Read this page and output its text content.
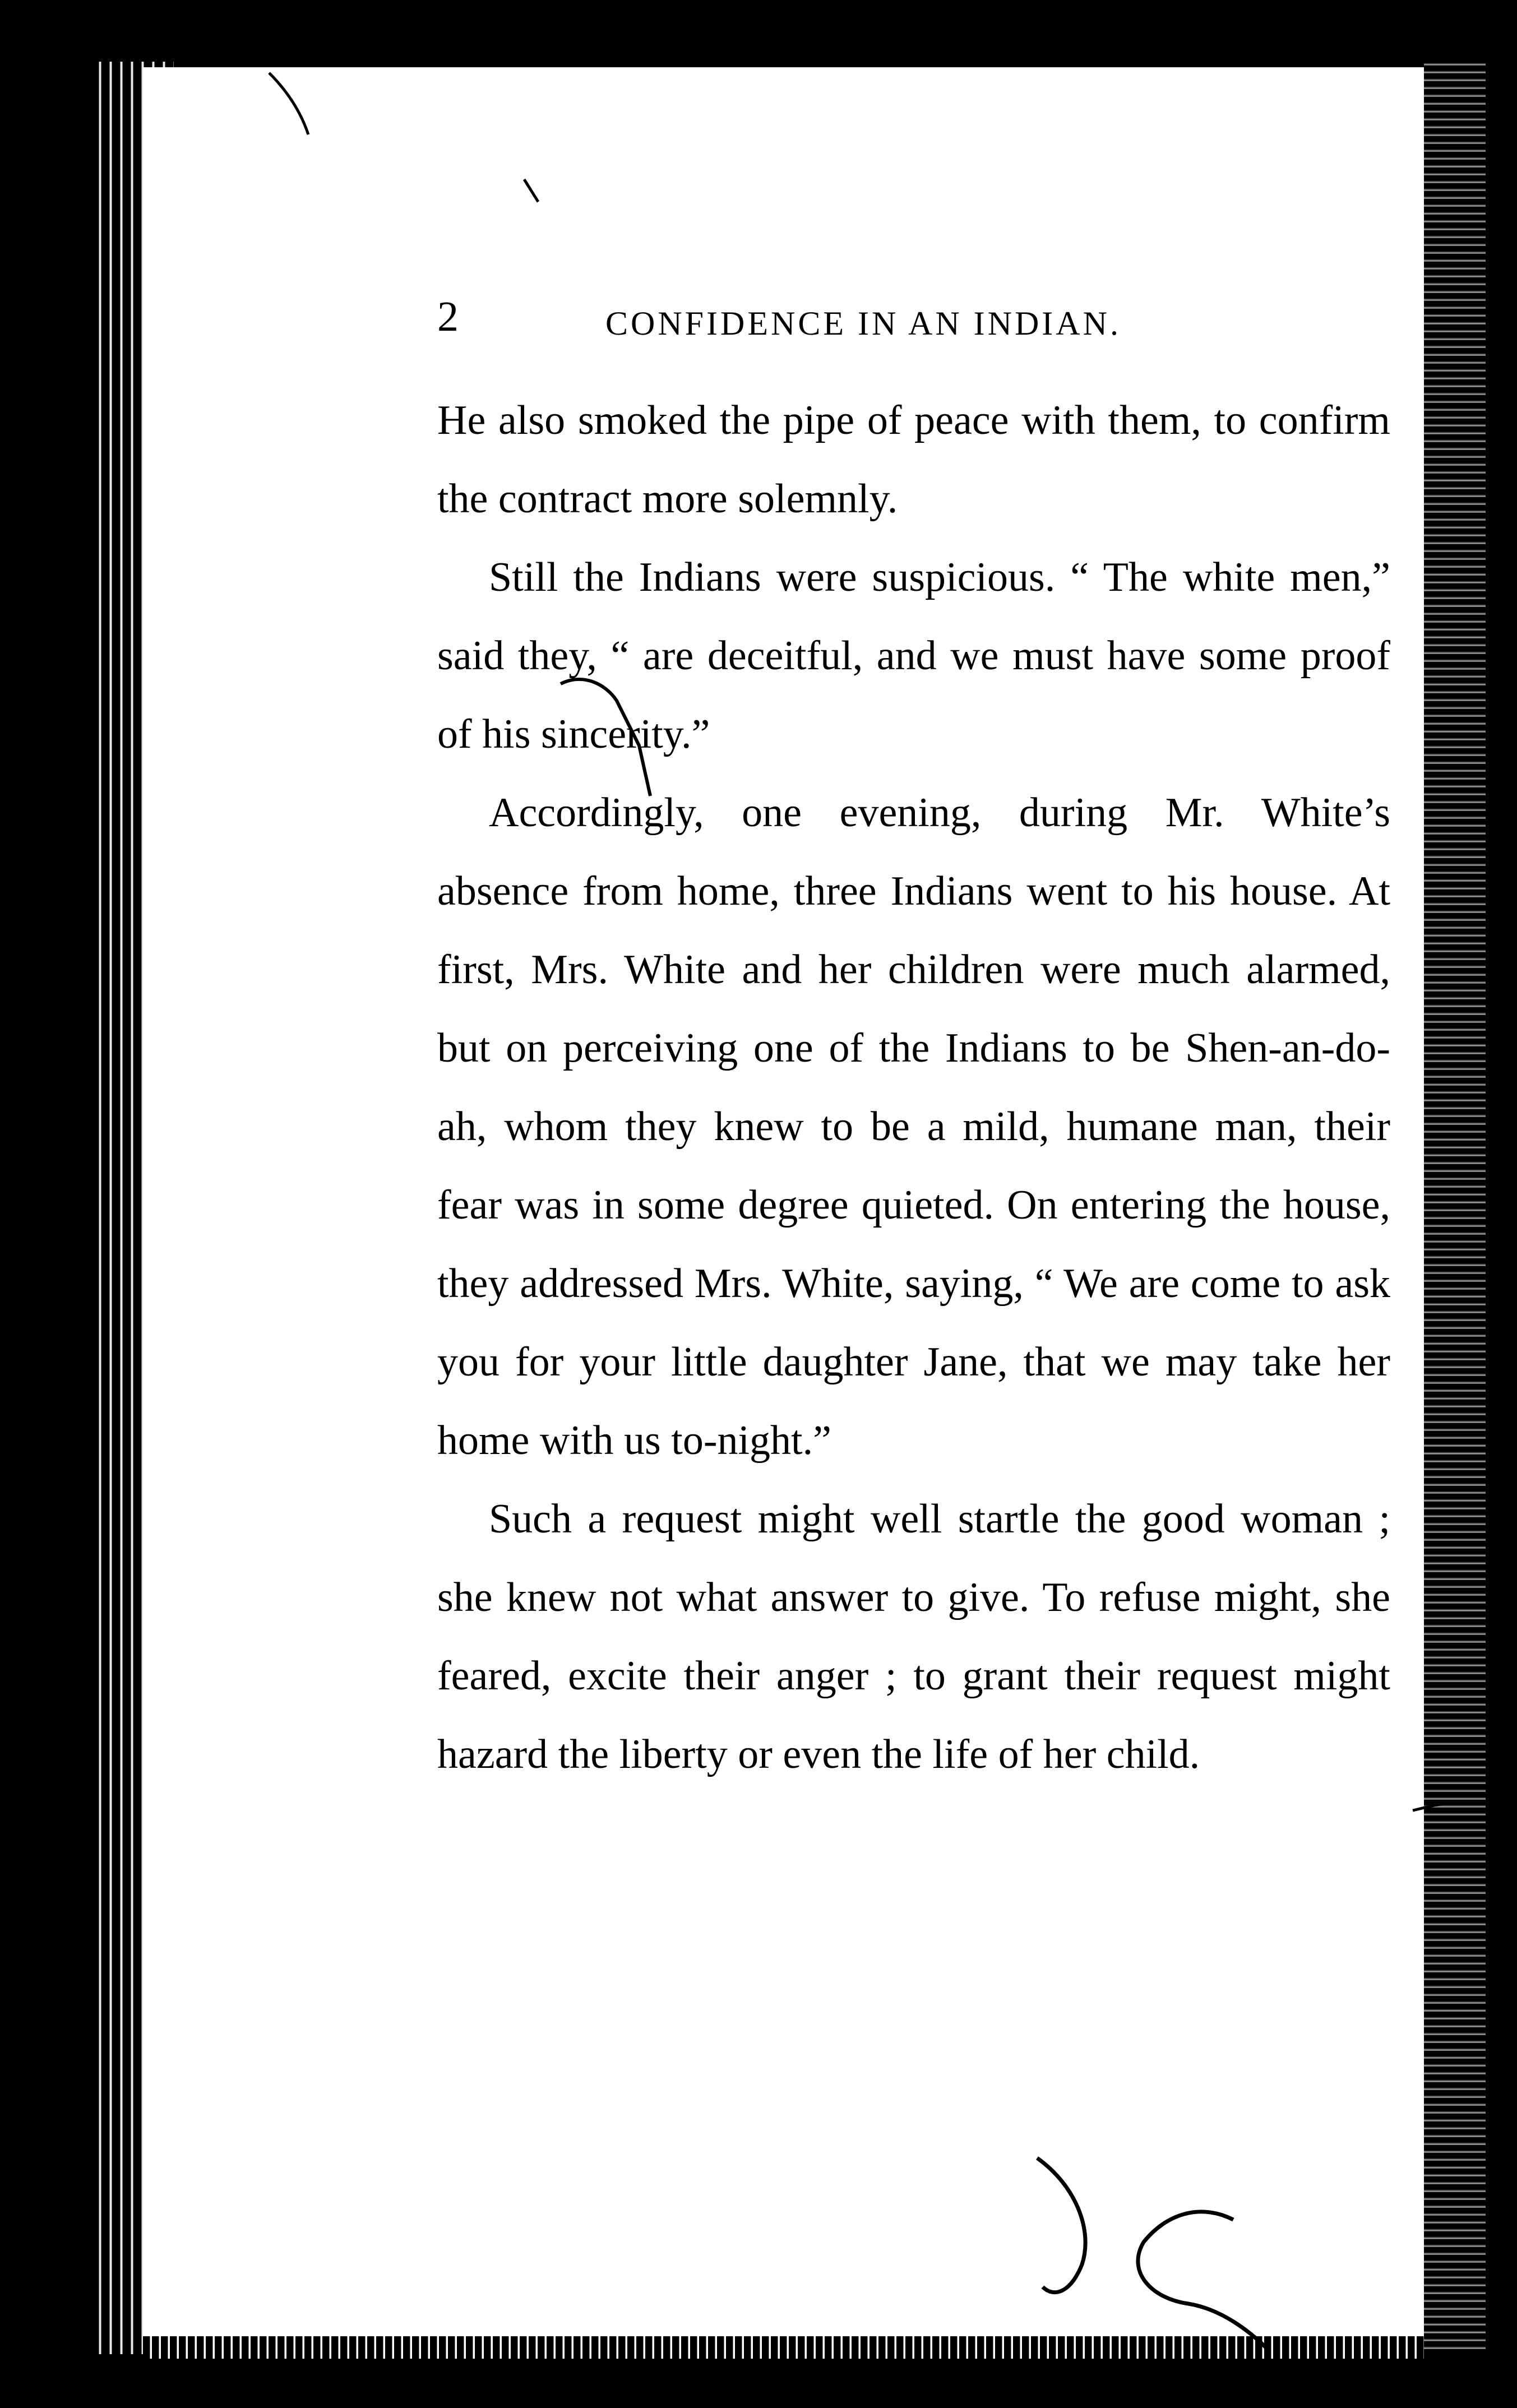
2	CONFIDENCE IN AN INDIAN.

He also smoked the pipe of peace with them, to confirm the contract more solemnly.

Still the Indians were suspicious. “ The white men,” said they, “ are deceitful, and we must have some proof of his sincerity.”

Accordingly, one evening, during Mr. White’s absence from home, three Indians went to his house. At first, Mrs. White and her children were much alarmed, but on perceiving one of the Indians to be Shen-an-do-ah, whom they knew to be a mild, humane man, their fear was in some degree quieted. On entering the house, they addressed Mrs. White, saying, “ We are come to ask you for your little daughter Jane, that we may take her home with us to-night.”

Such a request might well startle the good woman ; she knew not what answer to give. To refuse might, she feared, excite their anger ; to grant their request might hazard the liberty or even the life of her child.
